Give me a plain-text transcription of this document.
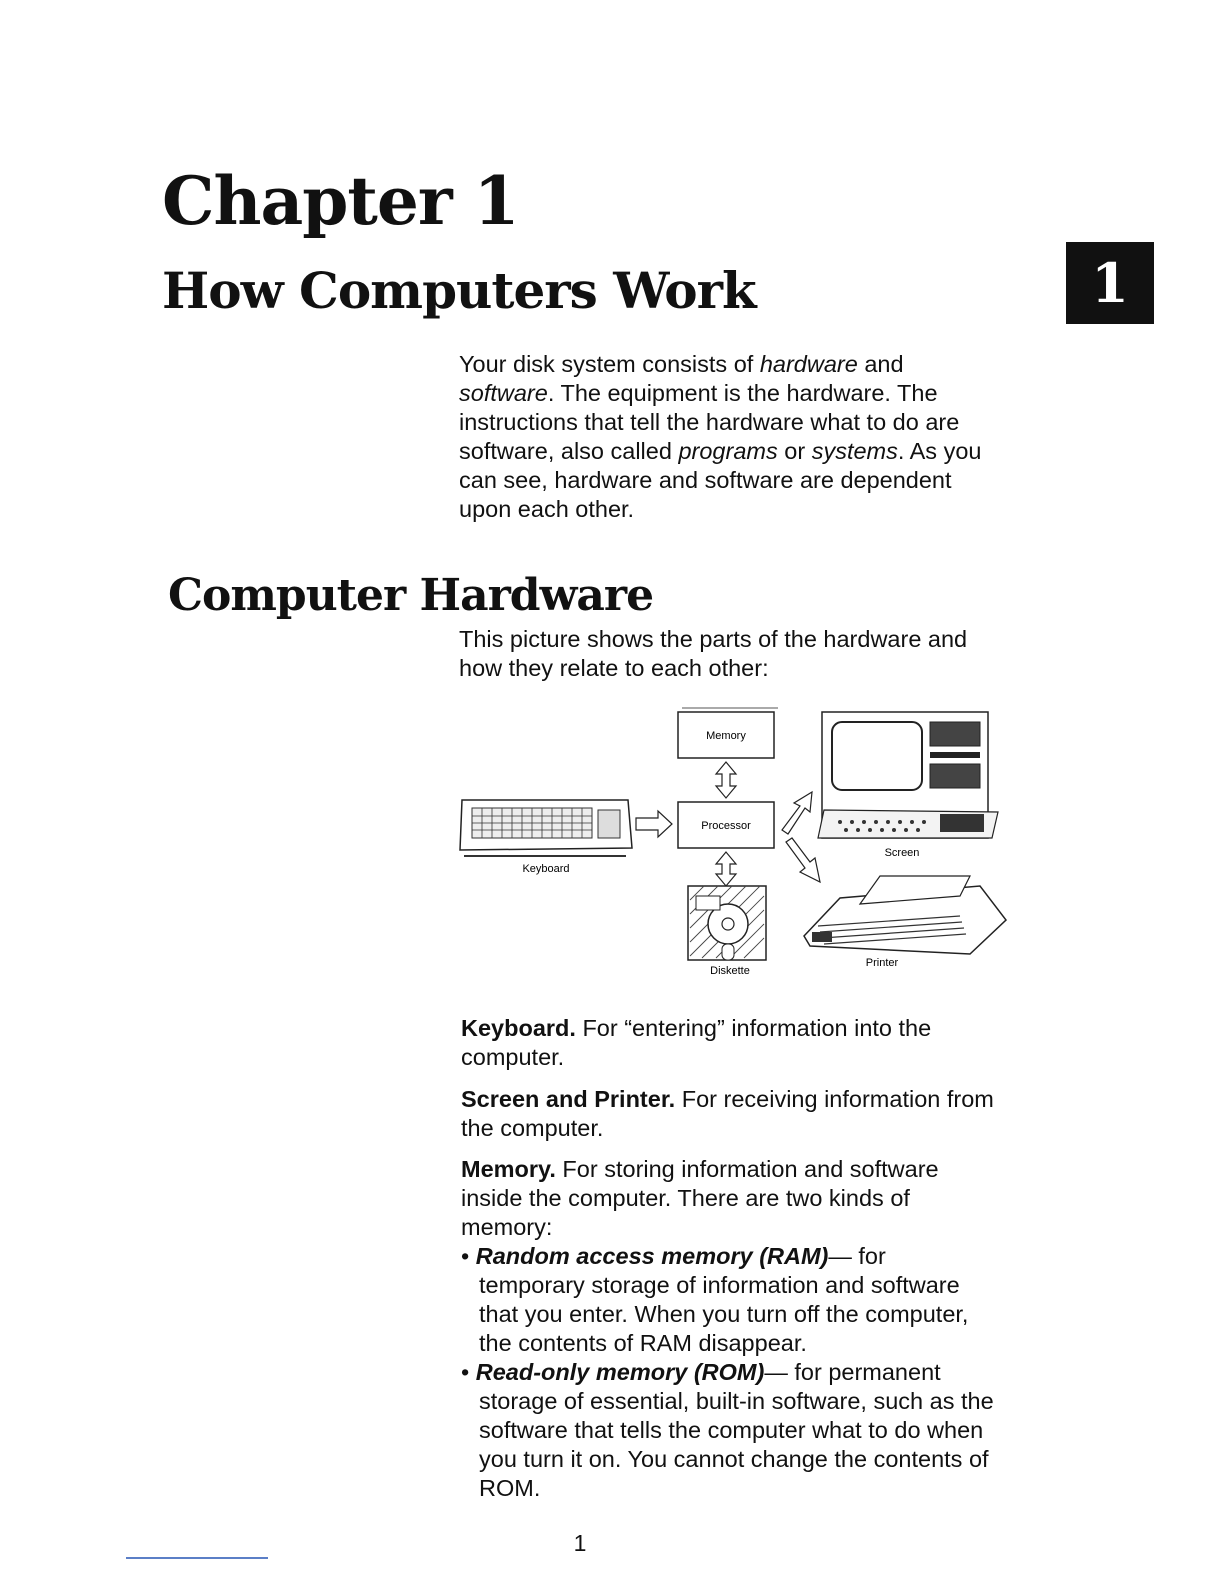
Chapter 1
How Computers Work	1
Your disk system consists of hardware and software. The equipment is the hardware. The instructions that tell the hardware what to do are software, also called programs or systems. As you can see, hardware and software are dependent upon each other.
Computer Hardware
This picture shows the parts of the hardware and how they relate to each other:
Memory
Processor
Keyboard
Screen
Diskette
Printer
Keyboard. For “entering” information into the computer.
Screen and Printer. For receiving information from the computer.
Memory. For storing information and software inside the computer. There are two kinds of memory:
• Random access memory (RAM)— for temporary storage of information and software that you enter. When you turn off the computer, the contents of RAM disappear.
• Read-only memory (ROM)— for permanent storage of essential, built-in software, such as the software that tells the computer what to do when you turn it on. You cannot change the contents of ROM.
1
